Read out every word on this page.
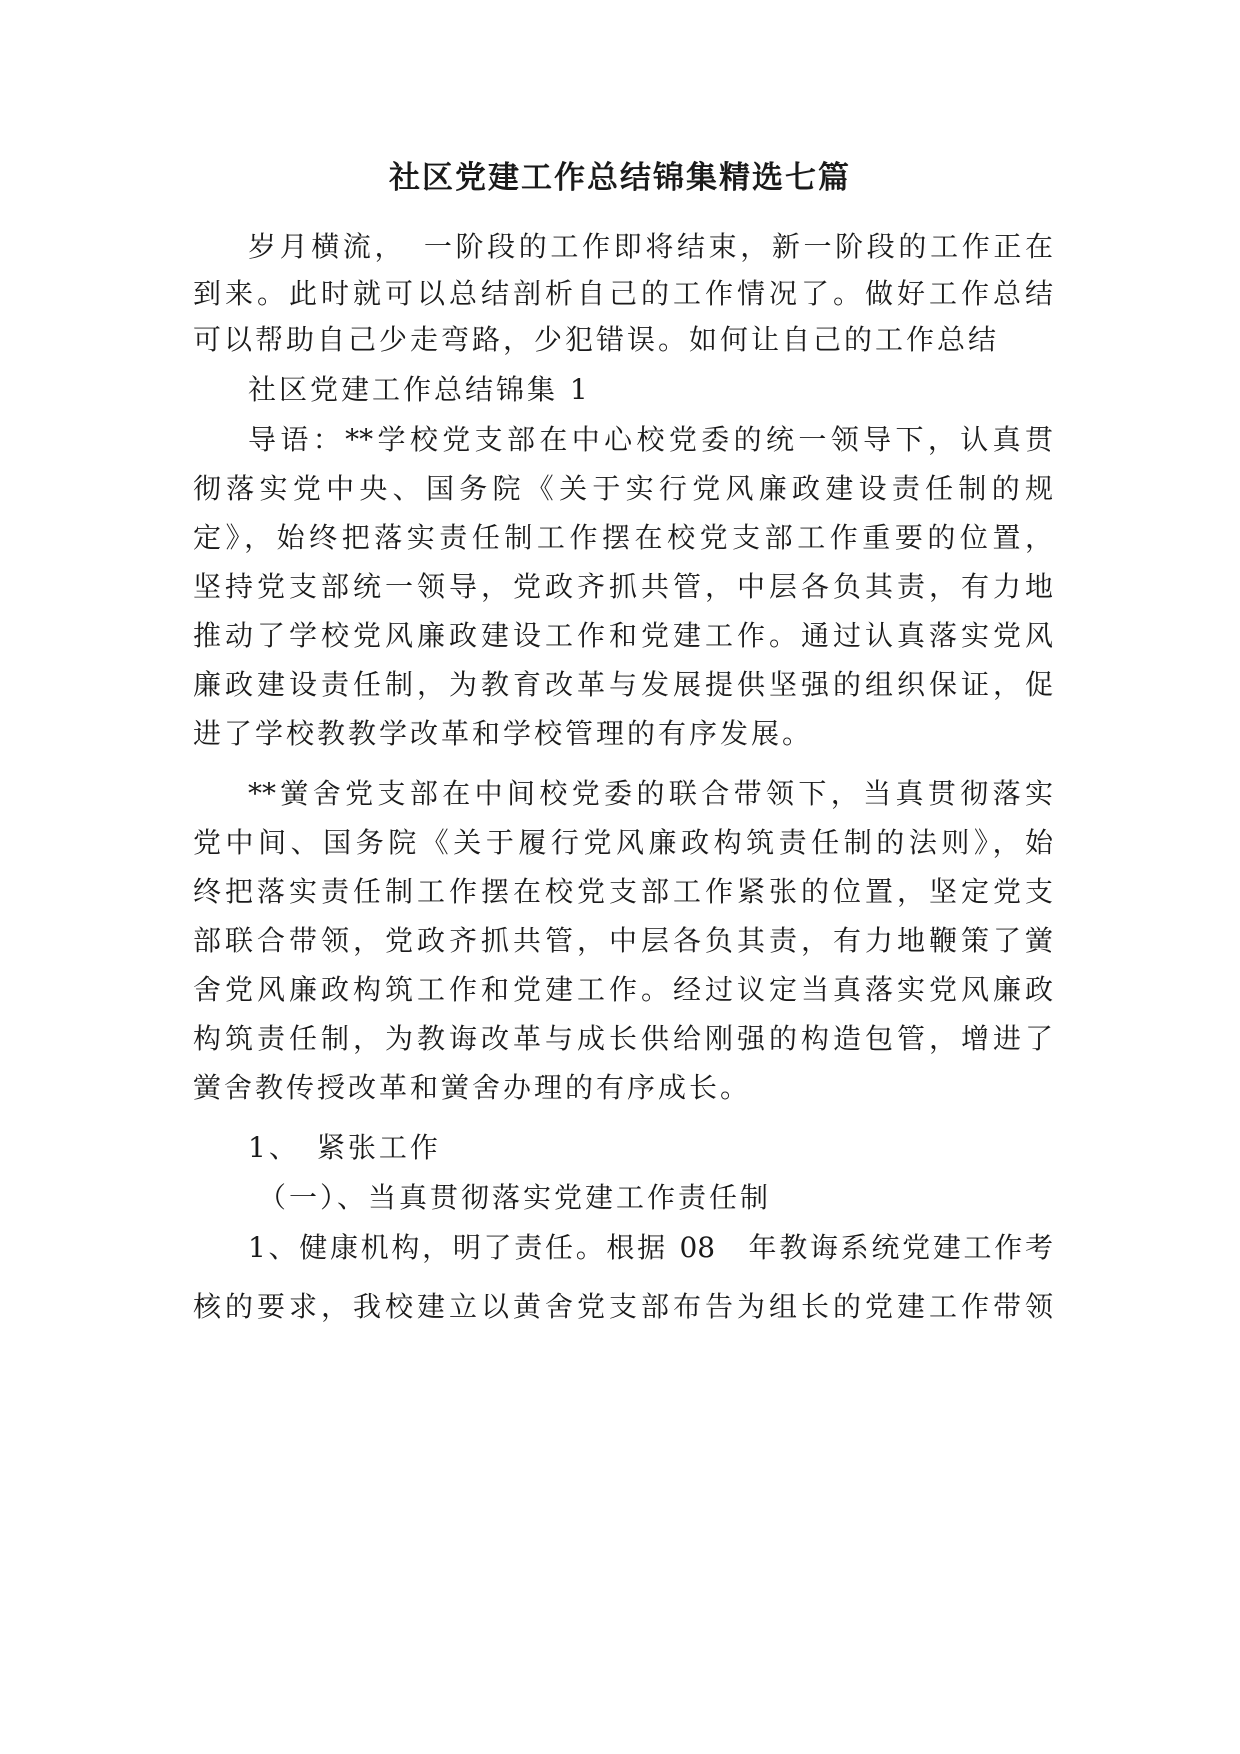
社区党建工作总结锦集精选七篇
岁月横流，　一阶段的工作即将结束，新一阶段的工作正在
到来。此时就可以总结剖析自己的工作情况了。做好工作总结
可以帮助自己少走弯路，少犯错误。如何让自己的工作总结
社区党建工作总结锦集 1
导语：**学校党支部在中心校党委的统一领导下，认真贯
彻落实党中央、国务院《关于实行党风廉政建设责任制的规
定》，始终把落实责任制工作摆在校党支部工作重要的位置，
坚持党支部统一领导，党政齐抓共管，中层各负其责，有力地
推动了学校党风廉政建设工作和党建工作。通过认真落实党风
廉政建设责任制，为教育改革与发展提供坚强的组织保证，促
进了学校教教学改革和学校管理的有序发展。
**黉舍党支部在中间校党委的联合带领下，当真贯彻落实
党中间、国务院《关于履行党风廉政构筑责任制的法则》，始
终把落实责任制工作摆在校党支部工作紧张的位置，坚定党支
部联合带领，党政齐抓共管，中层各负其责，有力地鞭策了黉
舍党风廉政构筑工作和党建工作。经过议定当真落实党风廉政
构筑责任制，为教诲改革与成长供给刚强的构造包管，增进了
黉舍教传授改革和黉舍办理的有序成长。
1、　紧张工作
（一）、当真贯彻落实党建工作责任制
1、健康机构，明了责任。根据 08　年教诲系统党建工作考
核的要求，我校建立以黄舍党支部布告为组长的党建工作带领
